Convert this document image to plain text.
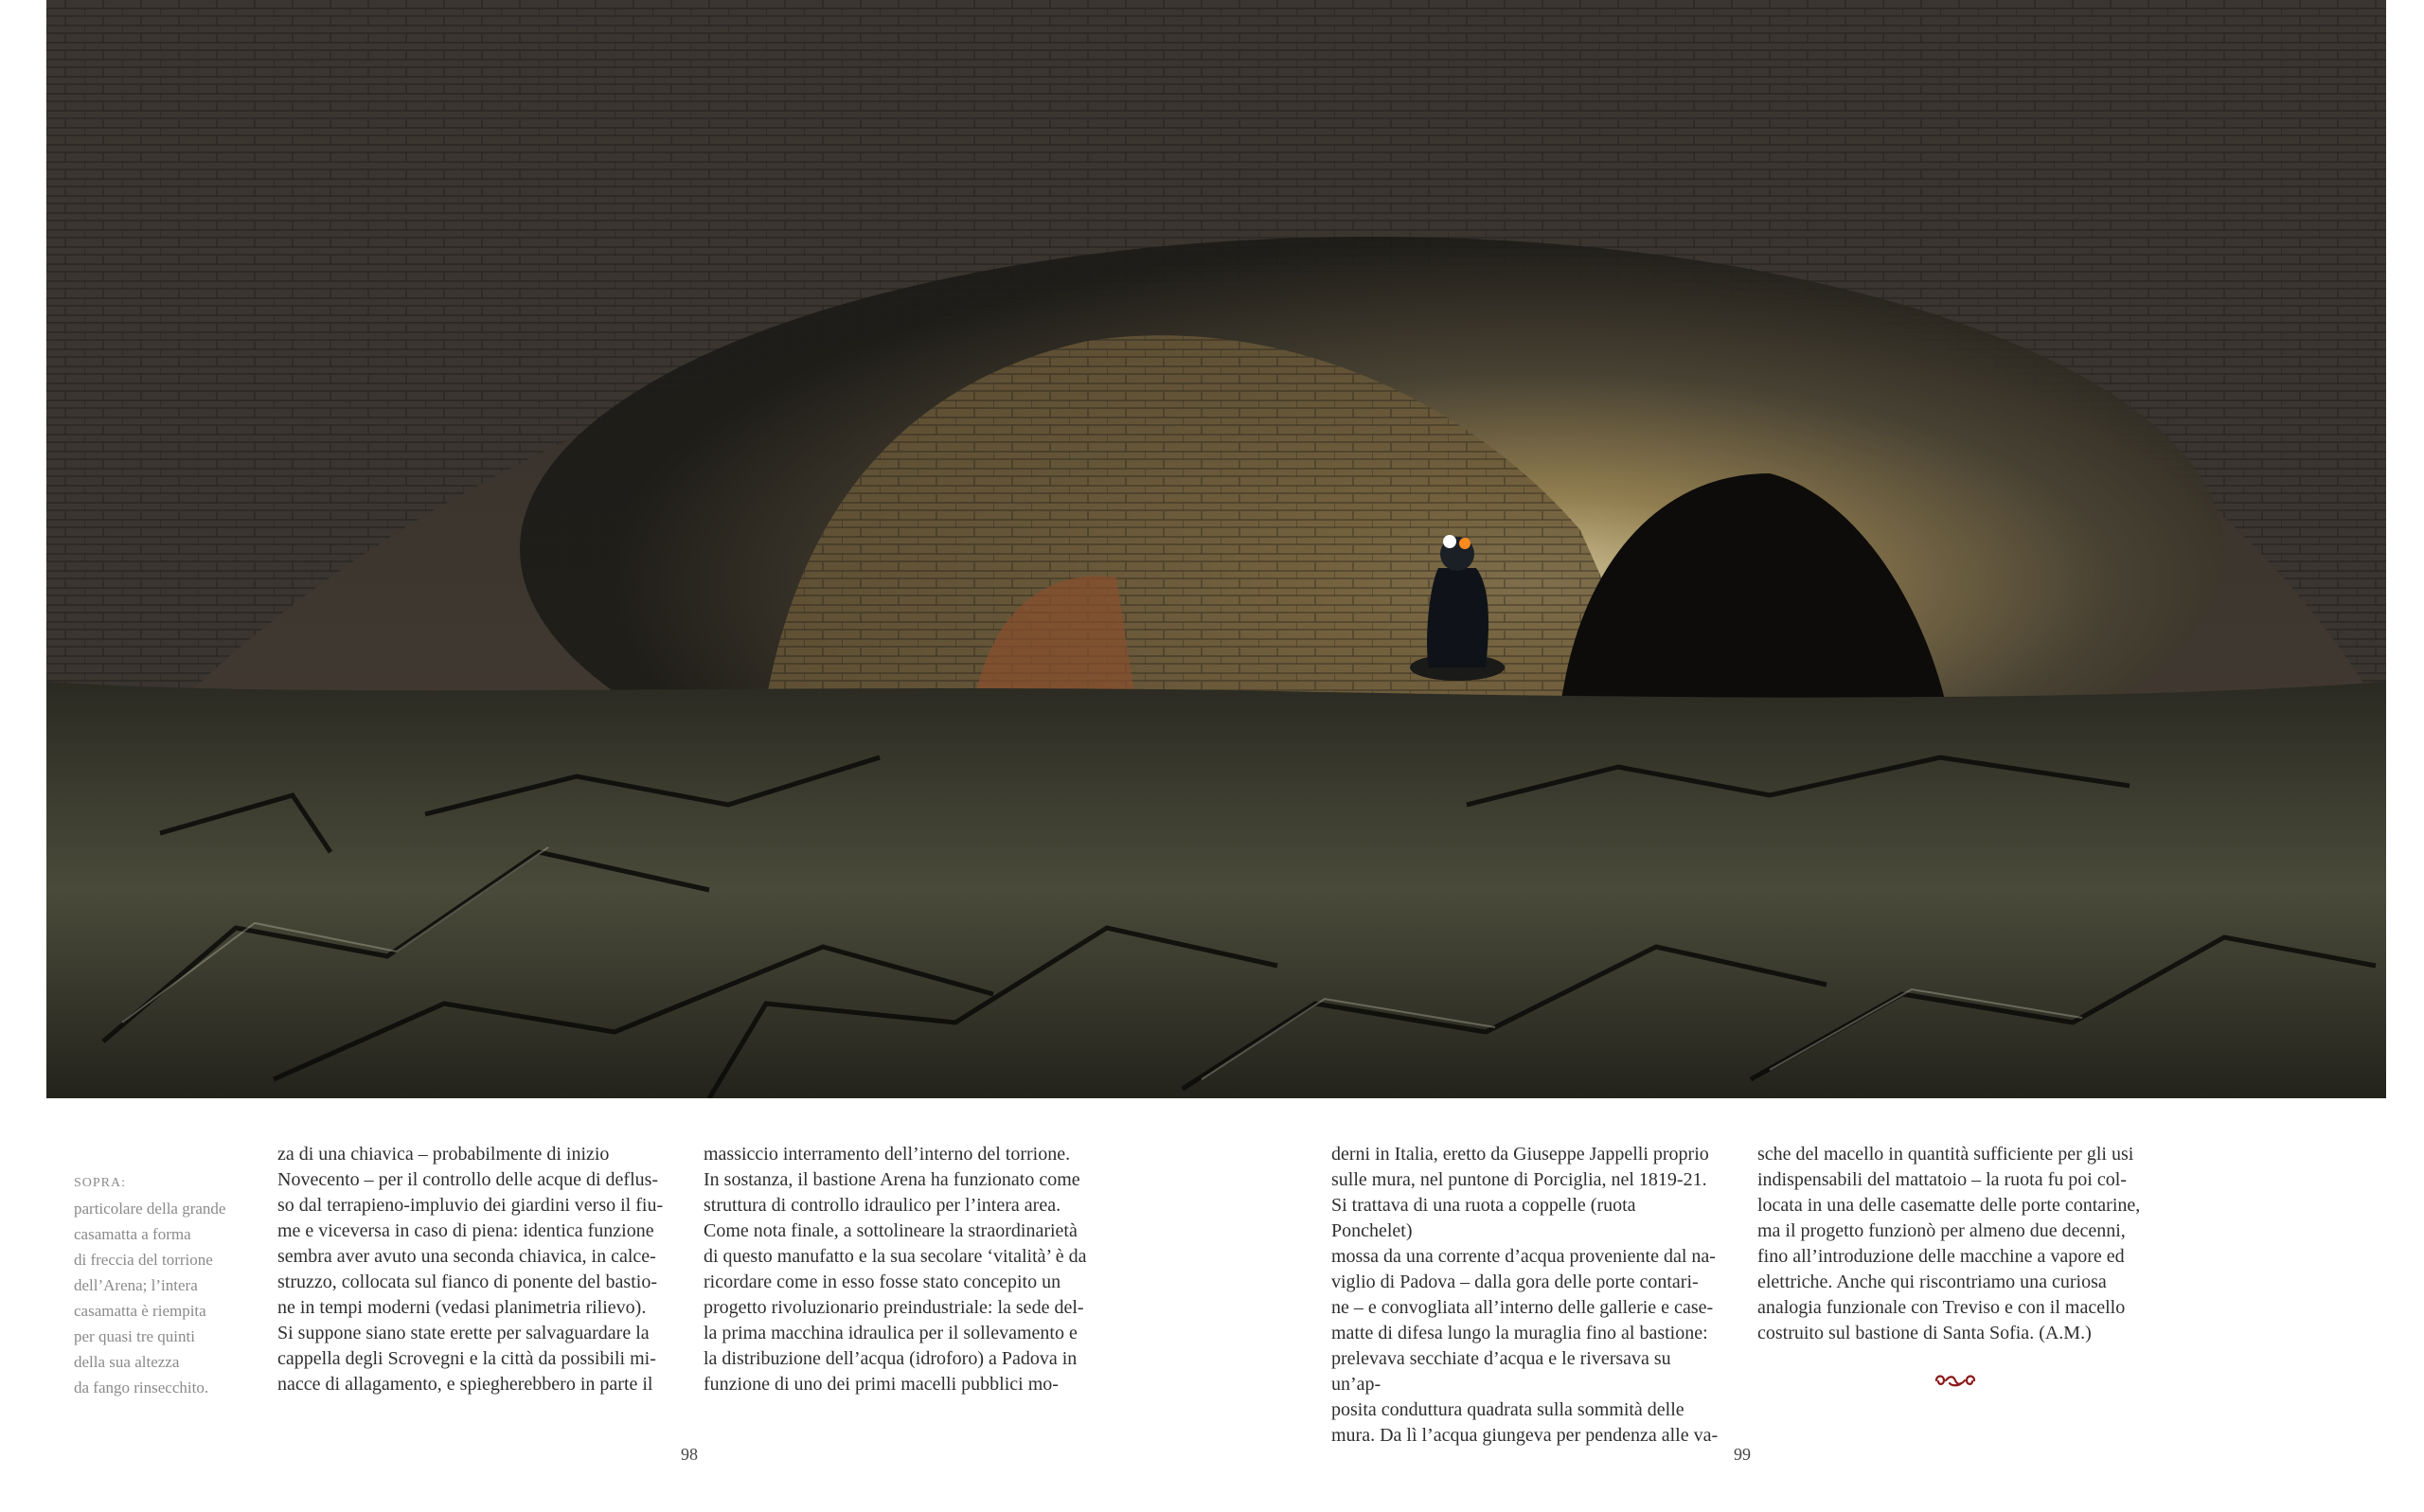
SOPRA:
particolare della grande
casamatta a forma
di freccia del torrione
dell’Arena; l’intera
casamatta è riempita
per quasi tre quinti
della sua altezza
da fango rinsecchito.

za di una chiavica – probabilmente di inizio

Novecento – per il controllo delle acque di deflus-

so dal terrapieno-impluvio dei giardini verso il fiu-

me e viceversa in caso di piena: identica funzione

sembra aver avuto una seconda chiavica, in calce-

struzzo, collocata sul fianco di ponente del bastio-

ne in tempi moderni (vedasi planimetria rilievo).

Si suppone siano state erette per salvaguardare la

cappella degli Scrovegni e la città da possibili mi-

nacce di allagamento, e spiegherebbero in parte il

massiccio interramento dell’interno del torrione.

In sostanza, il bastione Arena ha funzionato come

struttura di controllo idraulico per l’intera area.

Come nota finale, a sottolineare la straordinarietà

di questo manufatto e la sua secolare ‘vitalità’ è da

ricordare come in esso fosse stato concepito un

progetto rivoluzionario preindustriale: la sede del-

la prima macchina idraulica per il sollevamento e

la distribuzione dell’acqua (idroforo) a Padova in

funzione di uno dei primi macelli pubblici mo-

derni in Italia, eretto da Giuseppe Jappelli proprio

sulle mura, nel puntone di Porciglia, nel 1819-21.

Si trattava di una ruota a coppelle (ruota Ponchelet)

mossa da una corrente d’acqua proveniente dal na-

viglio di Padova – dalla gora delle porte contari-

ne – e convogliata all’interno delle gallerie e case-

matte di difesa lungo la muraglia fino al bastione:

prelevava secchiate d’acqua e le riversava su un’ap-

posita conduttura quadrata sulla sommità delle

mura. Da lì l’acqua giungeva per pendenza alle va-

sche del macello in quantità sufficiente per gli usi

indispensabili del mattatoio – la ruota fu poi col-

locata in una delle casematte delle porte contarine,

ma il progetto funzionò per almeno due decenni,

fino all’introduzione delle macchine a vapore ed

elettriche. Anche qui riscontriamo una curiosa

analogia funzionale con Treviso e con il macello

costruito sul bastione di Santa Sofia. (A.M.)

98	99
